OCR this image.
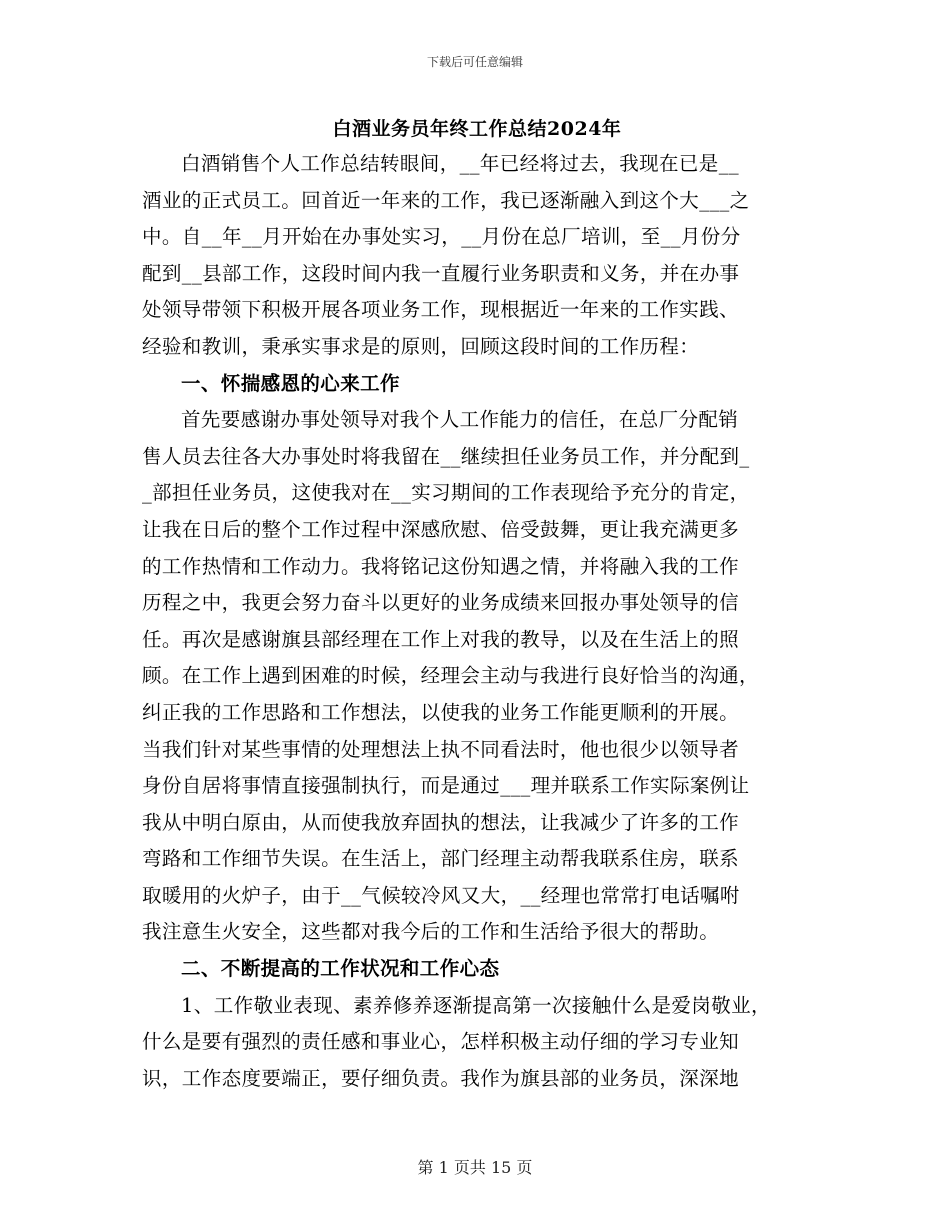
下载后可任意编辑
白酒业务员年终工作总结2024年
白酒销售个人工作总结转眼间，__年已经将过去，我现在已是__
酒业的正式员工。回首近一年来的工作，我已逐渐融入到这个大___之
中。自__年__月开始在办事处实习，__月份在总厂培训，至__月份分
配到__县部工作，这段时间内我一直履行业务职责和义务，并在办事
处领导带领下积极开展各项业务工作，现根据近一年来的工作实践、
经验和教训，秉承实事求是的原则，回顾这段时间的工作历程：
一、怀揣感恩的心来工作
首先要感谢办事处领导对我个人工作能力的信任，在总厂分配销
售人员去往各大办事处时将我留在__继续担任业务员工作，并分配到_
_部担任业务员，这使我对在__实习期间的工作表现给予充分的肯定，
让我在日后的整个工作过程中深感欣慰、倍受鼓舞，更让我充满更多
的工作热情和工作动力。我将铭记这份知遇之情，并将融入我的工作
历程之中，我更会努力奋斗以更好的业务成绩来回报办事处领导的信
任。再次是感谢旗县部经理在工作上对我的教导，以及在生活上的照
顾。在工作上遇到困难的时候，经理会主动与我进行良好恰当的沟通，
纠正我的工作思路和工作想法，以使我的业务工作能更顺利的开展。
当我们针对某些事情的处理想法上执不同看法时，他也很少以领导者
身份自居将事情直接强制执行，而是通过___理并联系工作实际案例让
我从中明白原由，从而使我放弃固执的想法，让我减少了许多的工作
弯路和工作细节失误。在生活上，部门经理主动帮我联系住房，联系
取暖用的火炉子，由于__气候较冷风又大，__经理也常常打电话嘱咐
我注意生火安全，这些都对我今后的工作和生活给予很大的帮助。
二、不断提高的工作状况和工作心态
1、工作敬业表现、素养修养逐渐提高第一次接触什么是爱岗敬业，
什么是要有强烈的责任感和事业心，怎样积极主动仔细的学习专业知
识，工作态度要端正，要仔细负责。我作为旗县部的业务员，深深地
第 1 页共 15 页
